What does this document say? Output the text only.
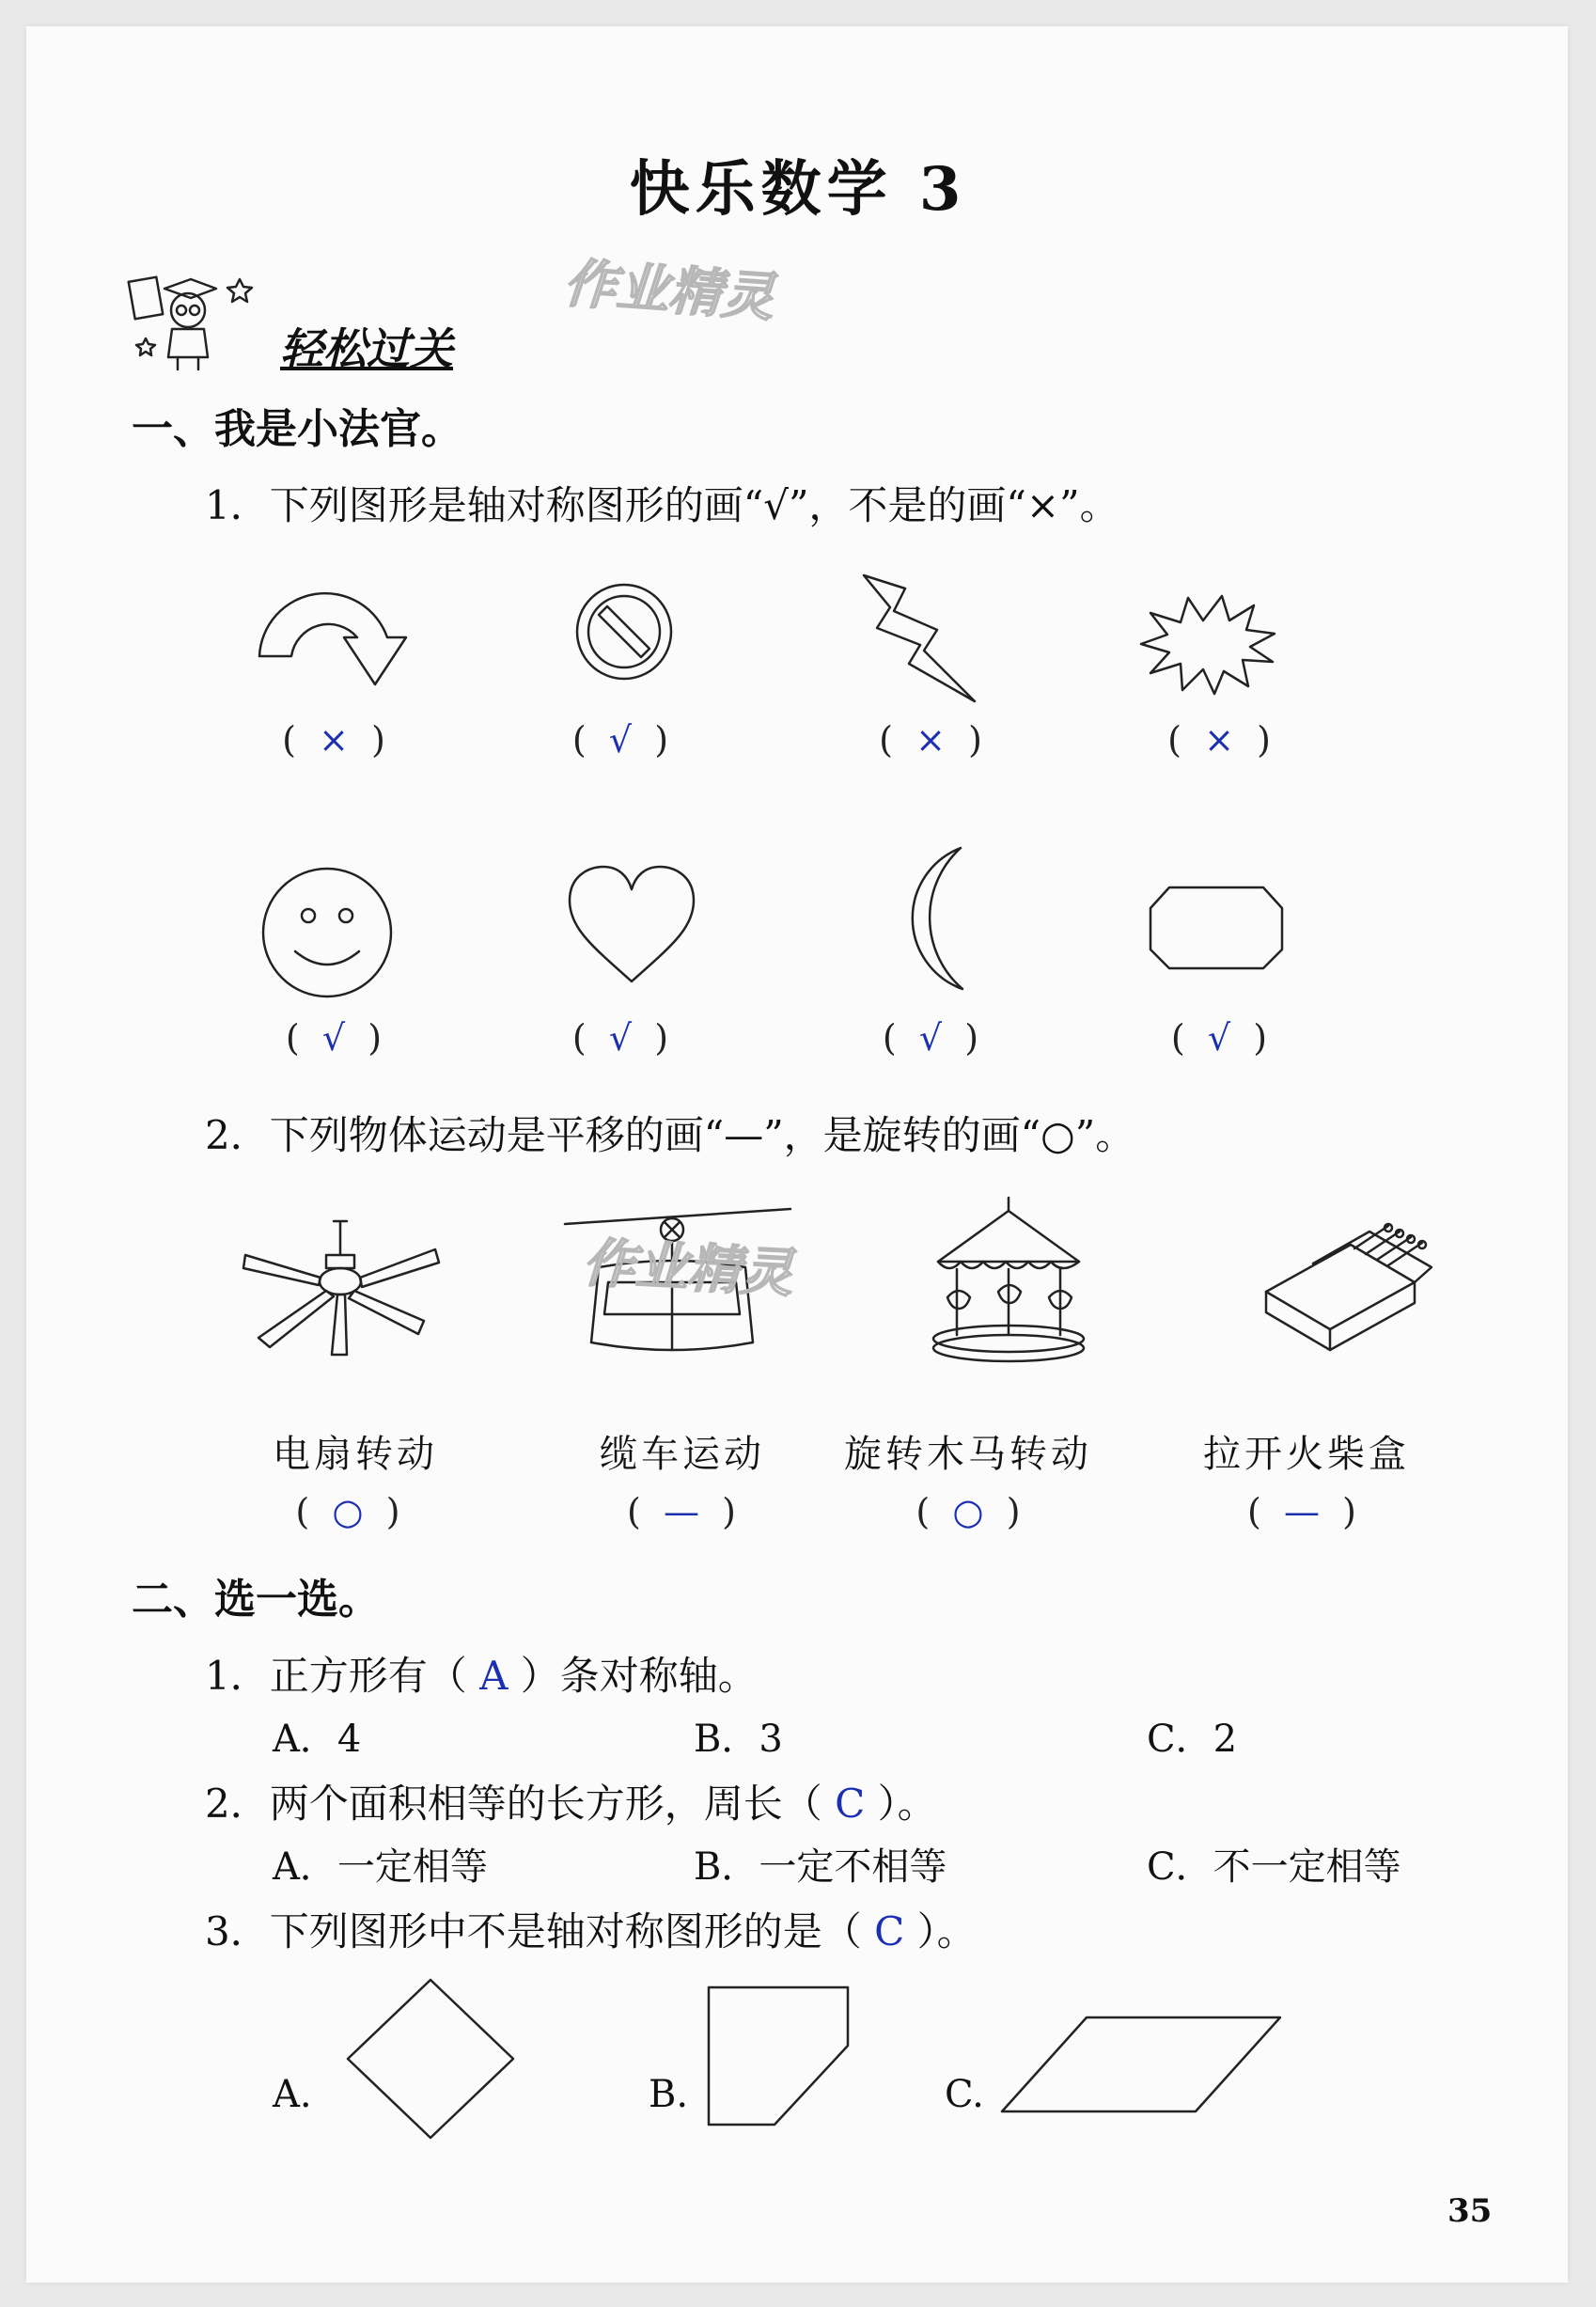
快乐数学 3
作业精灵
轻松过关
一、我是小法官。
1．下列图形是轴对称图形的画“√”，不是的画“×”。
(  ×  )	(  √  )	(  ×  )	(  ×  )
(  √  )	(  √  )	(  √  )	(  √  )
2．下列物体运动是平移的画“—”，是旋转的画“○”。
作业精灵
电扇转动	缆车运动 旋转木马转动	拉开火柴盒
(  ○  )	(  —  )	(  ○  )	(  —  )
二、选一选。
1．正方形有（ A ）条对称轴。
A．4	B．3	C．2
2．两个面积相等的长方形，周长（ C ）。
A．一定相等	B．一定不相等	C．不一定相等
3．下列图形中不是轴对称图形的是（ C ）。
A.	B.	C.
35
